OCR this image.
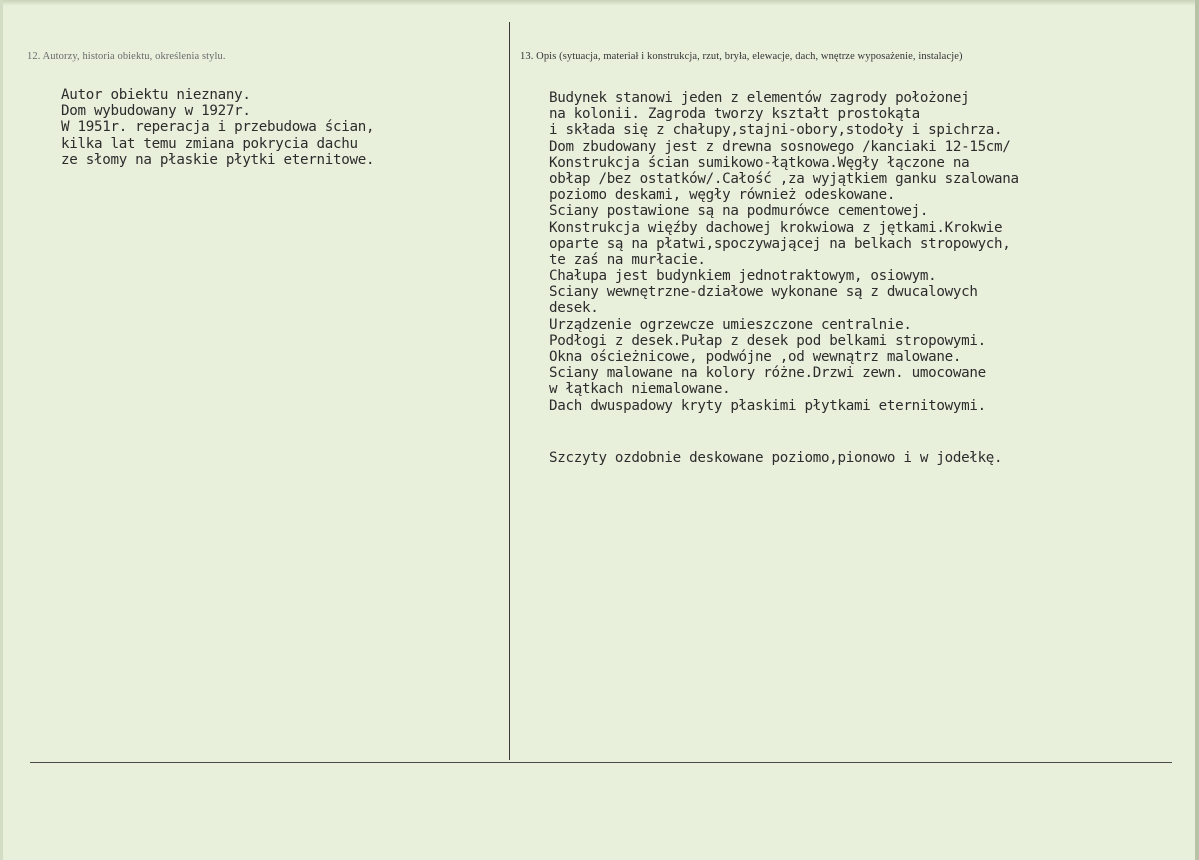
12. Autorzy, historia obiektu, określenia stylu.	13. Opis (sytuacja, materiał i konstrukcja, rzut, bryła, elewacje, dach, wnętrze wyposażenie, instalacje)
Autor obiektu nieznany.
Dom wybudowany w 1927r.
W 1951r. reperacja i przebudowa ścian,
kilka lat temu zmiana pokrycia dachu
ze słomy na płaskie płytki eternitowe.
Budynek stanowi jeden z elementów zagrody położonej
na kolonii. Zagroda tworzy kształt prostokąta
i składa się z chałupy,stajni-obory,stodoły i spichrza.
Dom zbudowany jest z drewna sosnowego /kanciaki 12-15cm/
Konstrukcja ścian sumikowo-łątkowa.Węgły łączone na
obłap /bez ostatków/.Całość ,za wyjątkiem ganku szalowana
poziomo deskami, węgły również odeskowane.
Sciany postawione są na podmurówce cementowej.
Konstrukcja więźby dachowej krokwiowa z jętkami.Krokwie
oparte są na płatwi,spoczywającej na belkach stropowych,
te zaś na murłacie.
Chałupa jest budynkiem jednotraktowym, osiowym.
Sciany wewnętrzne-działowe wykonane są z dwucalowych
desek.
Urządzenie ogrzewcze umieszczone centralnie.
Podłogi z desek.Pułap z desek pod belkami stropowymi.
Okna ościeżnicowe, podwójne ,od wewnątrz malowane.
Sciany malowane na kolory różne.Drzwi zewn. umocowane
w łątkach niemalowane.
Dach dwuspadowy kryty płaskimi płytkami eternitowymi.
Szczyty ozdobnie deskowane poziomo,pionowo i w jodełkę.
